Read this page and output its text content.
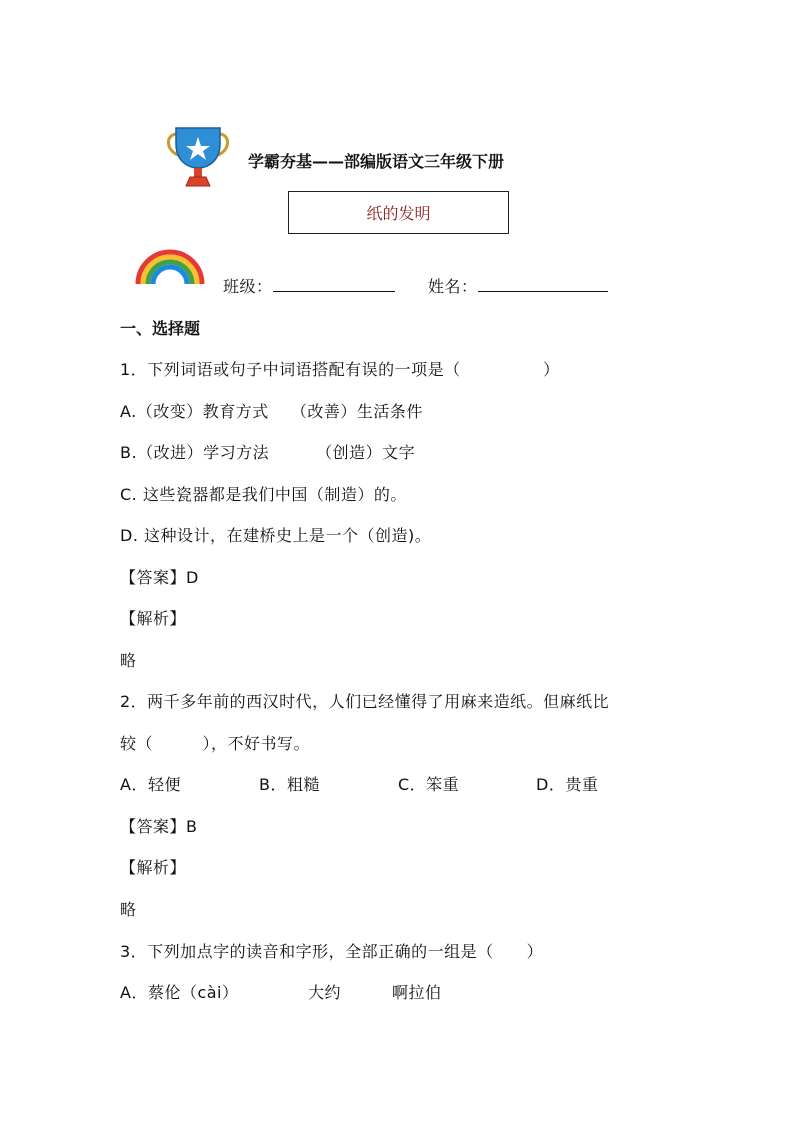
学霸夯基——部编版语文三年级下册
纸的发明
班级：	姓名：
一、选择题
1．下列词语或句子中词语搭配有误的一项是（　　　　　）
A.（改变）教育方式　 （改善）生活条件
B.（改进）学习方法　　 　（创造）文字
C. 这些瓷器都是我们中国（制造）的。
D. 这种设计，在建桥史上是一个（创造)。
【答案】D
【解析】
略
2．两千多年前的西汉时代，人们已经懂得了用麻来造纸。但麻纸比
较（　　　），不好书写。
A．轻便	B．粗糙	C．笨重	D．贵重
【答案】B
【解析】
略
3．下列加点字的读音和字形，全部正确的一组是（　　）
A．蔡伦（cài）	大约	啊拉伯
